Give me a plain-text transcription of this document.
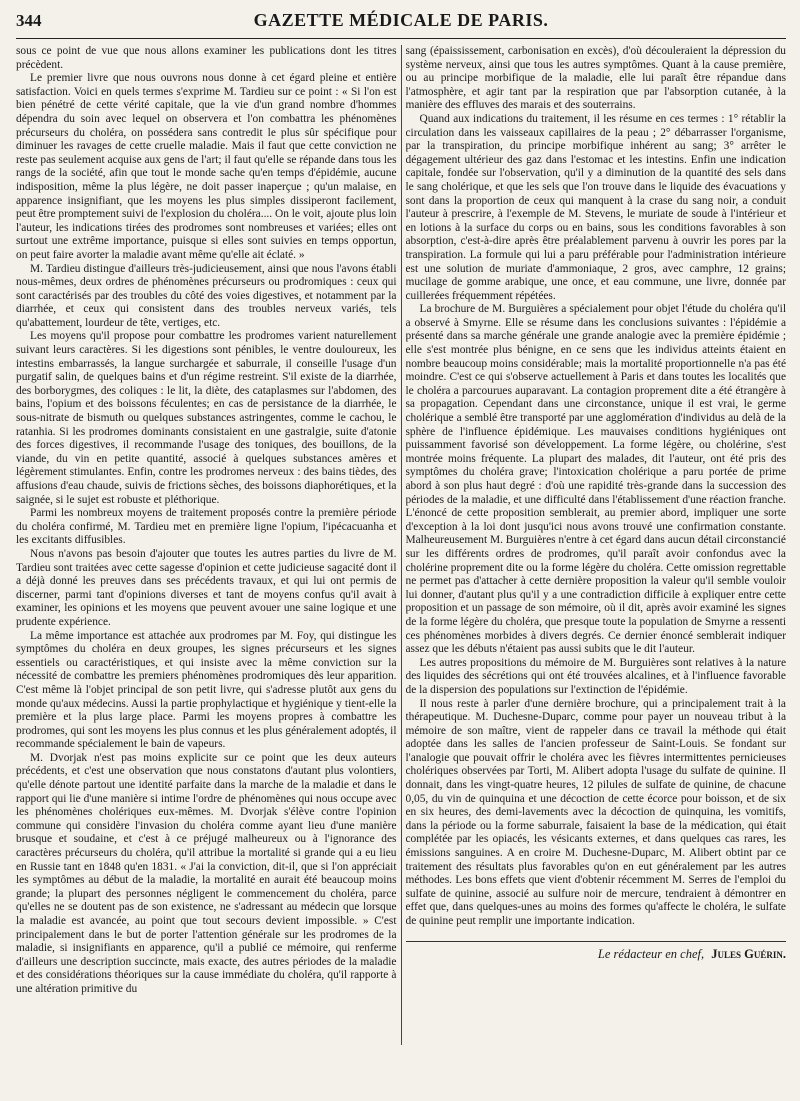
344	GAZETTE MÉDICALE DE PARIS.

sous ce point de vue que nous allons examiner les publications dont les titres précèdent.

Le premier livre que nous ouvrons nous donne à cet égard pleine et entière satisfaction. Voici en quels termes s'exprime M. Tardieu sur ce point : « Si l'on est bien pénétré de cette vérité capitale, que la vie d'un grand nombre d'hommes dépendra du soin avec lequel on observera et l'on combattra les phénomènes précurseurs du choléra, on possédera sans contredit le plus sûr spécifique pour diminuer les ravages de cette cruelle maladie. Mais il faut que cette conviction ne reste pas seulement acquise aux gens de l'art; il faut qu'elle se répande dans tous les rangs de la société, afin que tout le monde sache qu'en temps d'épidémie, aucune indisposition, même la plus légère, ne doit passer inaperçue ; qu'un malaise, en apparence insignifiant, que les moyens les plus simples dissiperont facilement, peut être promptement suivi de l'explosion du choléra.... On le voit, ajoute plus loin l'auteur, les indications tirées des prodromes sont nombreuses et variées; elles ont surtout une extrême importance, puisque si elles sont suivies en temps opportun, on peut faire avorter la maladie avant même qu'elle ait éclaté. »

M. Tardieu distingue d'ailleurs très-judicieusement, ainsi que nous l'avons établi nous-mêmes, deux ordres de phénomènes précurseurs ou prodromiques : ceux qui sont caractérisés par des troubles du côté des voies digestives, et notamment par la diarrhée, et ceux qui consistent dans des troubles nerveux variés, tels qu'abattement, lourdeur de tête, vertiges, etc.

Les moyens qu'il propose pour combattre les prodromes varient naturellement suivant leurs caractères. Si les digestions sont pénibles, le ventre douloureux, les intestins embarrassés, la langue surchargée et saburrale, il conseille l'usage d'un purgatif salin, de quelques bains et d'un régime restreint. S'il existe de la diarrhée, des borborygmes, des coliques : le lit, la diète, des cataplasmes sur l'abdomen, des bains, l'opium et des boissons féculentes; en cas de persistance de la diarrhée, le sous-nitrate de bismuth ou quelques substances astringentes, comme le cachou, le ratanhia. Si les prodromes dominants consistaient en une gastralgie, suite d'atonie des forces digestives, il recommande l'usage des toniques, des bouillons, de la viande, du vin en petite quantité, associé à quelques substances amères et légèrement stimulantes. Enfin, contre les prodromes nerveux : des bains tièdes, des affusions d'eau chaude, suivis de frictions sèches, des boissons diaphorétiques, et la saignée, si le sujet est robuste et pléthorique.

Parmi les nombreux moyens de traitement proposés contre la première période du choléra confirmé, M. Tardieu met en première ligne l'opium, l'ipécacuanha et les excitants diffusibles.

Nous n'avons pas besoin d'ajouter que toutes les autres parties du livre de M. Tardieu sont traitées avec cette sagesse d'opinion et cette judicieuse sagacité dont il a déjà donné les preuves dans ses précédents travaux, et qui lui ont permis de discerner, parmi tant d'opinions diverses et tant de moyens confus qu'il avait à examiner, les opinions et les moyens que peuvent avouer une saine logique et une prudente expérience.

La même importance est attachée aux prodromes par M. Foy, qui distingue les symptômes du choléra en deux groupes, les signes précurseurs et les signes essentiels ou caractéristiques, et qui insiste avec la même conviction sur la nécessité de combattre les premiers phénomènes prodromiques dès leur apparition. C'est même là l'objet principal de son petit livre, qui s'adresse plutôt aux gens du monde qu'aux médecins. Aussi la partie prophylactique et hygiénique y tient-elle la première et la plus large place. Parmi les moyens propres à combattre les prodromes, qui sont les moyens les plus connus et les plus généralement adoptés, il recommande spécialement le bain de vapeurs.

M. Dvorjak n'est pas moins explicite sur ce point que les deux auteurs précédents, et c'est une observation que nous constatons d'autant plus volontiers, qu'elle dénote partout une identité parfaite dans la marche de la maladie et dans le rapport qui lie d'une manière si intime l'ordre de phénomènes qui nous occupe avec les phénomènes cholériques eux-mêmes. M. Dvorjak s'élève contre l'opinion commune qui considère l'invasion du choléra comme ayant lieu d'une manière brusque et soudaine, et c'est à ce préjugé malheureux ou à l'ignorance des caractères précurseurs du choléra, qu'il attribue la mortalité si grande qui a eu lieu en Russie tant en 1848 qu'en 1831. « J'ai la conviction, dit-il, que si l'on appréciait les symptômes au début de la maladie, la mortalité en aurait été beaucoup moins grande; la plupart des personnes négligent le commencement du choléra, parce qu'elles ne se doutent pas de son existence, ne s'adressant au médecin que lorsque la maladie est avancée, au point que tout secours devient impossible. » C'est principalement dans le but de porter l'attention générale sur les prodromes de la maladie, si insignifiants en apparence, qu'il a publié ce mémoire, qui renferme d'ailleurs une description succincte, mais exacte, des autres périodes de la maladie et des considérations théoriques sur la cause immédiate du choléra, qu'il rapporte à une altération primitive du

sang (épaississement, carbonisation en excès), d'où découleraient la dépression du système nerveux, ainsi que tous les autres symptômes. Quant à la cause première, ou au principe morbifique de la maladie, elle lui paraît être répandue dans l'atmosphère, et agir tant par la respiration que par l'absorption cutanée, à la manière des effluves des marais et des souterrains.

Quand aux indications du traitement, il les résume en ces termes : 1° rétablir la circulation dans les vaisseaux capillaires de la peau ; 2° débarrasser l'organisme, par la transpiration, du principe morbifique inhérent au sang; 3° arrêter le dégagement ultérieur des gaz dans l'estomac et les intestins. Enfin une indication capitale, fondée sur l'observation, qu'il y a diminution de la quantité des sels dans le sang cholérique, et que les sels que l'on trouve dans le liquide des évacuations y sont dans la proportion de ceux qui manquent à la crase du sang noir, a conduit l'auteur à prescrire, à l'exemple de M. Stevens, le muriate de soude à l'intérieur et en lotions à la surface du corps ou en bains, sous les conditions favorables à son absorption, c'est-à-dire après être préalablement parvenu à ouvrir les pores par la transpiration. La formule qui lui a paru préférable pour l'administration intérieure est une solution de muriate d'ammoniaque, 2 gros, avec camphre, 12 grains; mucilage de gomme arabique, une once, et eau commune, une livre, donnée par cuillerées fréquemment répétées.

La brochure de M. Burguières a spécialement pour objet l'étude du choléra qu'il a observé à Smyrne. Elle se résume dans les conclusions suivantes : l'épidémie a présenté dans sa marche générale une grande analogie avec la première épidémie ; elle s'est montrée plus bénigne, en ce sens que les individus atteints étaient en nombre beaucoup moins considérable; mais la mortalité proportionnelle n'a pas été moindre. C'est ce qui s'observe actuellement à Paris et dans toutes les localités que le choléra a parcourues auparavant. La contagion proprement dite a été étrangère à sa propagation. Cependant dans une circonstance, unique il est vrai, le germe cholérique a semblé être transporté par une agglomération d'individus au delà de la sphère de l'influence épidémique. Les mauvaises conditions hygiéniques ont puissamment favorisé son développement. La forme légère, ou cholérine, s'est montrée moins fréquente. La plupart des malades, dit l'auteur, ont été pris des symptômes du choléra grave; l'intoxication cholérique a paru portée de prime abord à son plus haut degré : d'où une rapidité très-grande dans la succession des périodes de la maladie, et une difficulté dans l'établissement d'une réaction franche. L'énoncé de cette proposition semblerait, au premier abord, impliquer une sorte d'exception à la loi dont jusqu'ici nous avons trouvé une confirmation constante. Malheureusement M. Burguières n'entre à cet égard dans aucun détail circonstancié sur les différents ordres de prodromes, qu'il paraît avoir confondus avec la cholérine proprement dite ou la forme légère du choléra. Cette omission regrettable ne permet pas d'attacher à cette dernière proposition la valeur qu'il semble vouloir lui donner, d'autant plus qu'il y a une contradiction difficile à expliquer entre cette proposition et un passage de son mémoire, où il dit, après avoir examiné les signes de la forme légère du choléra, que presque toute la population de Smyrne a ressenti ces phénomènes morbides à divers degrés. Ce dernier énoncé semblerait indiquer assez que les débuts n'étaient pas aussi subits que le dit l'auteur.

Les autres propositions du mémoire de M. Burguières sont relatives à la nature des liquides des sécrétions qui ont été trouvées alcalines, et à l'influence favorable de la dispersion des populations sur l'extinction de l'épidémie.

Il nous reste à parler d'une dernière brochure, qui a principalement trait à la thérapeutique. M. Duchesne-Duparc, comme pour payer un nouveau tribut à la mémoire de son maître, vient de rappeler dans ce travail la méthode qui était adoptée dans les salles de l'ancien professeur de Saint-Louis. Se fondant sur l'analogie que pouvait offrir le choléra avec les fièvres intermittentes pernicieuses cholériques observées par Torti, M. Alibert adopta l'usage du sulfate de quinine. Il donnait, dans les vingt-quatre heures, 12 pilules de sulfate de quinine, de chacune 0,05, du vin de quinquina et une décoction de cette écorce pour boisson, et de six en six heures, des demi-lavements avec la décoction de quinquina, les vomitifs, dans la période ou la forme saburrale, faisaient la base de la médication, qui était complétée par les opiacés, les vésicants externes, et dans quelques cas rares, les émissions sanguines. A en croire M. Duchesne-Duparc, M. Alibert obtint par ce traitement des résultats plus favorables qu'on en eut généralement par les autres méthodes. Les bons effets que vient d'obtenir récemment M. Serres de l'emploi du sulfate de quinine, associé au sulfure noir de mercure, tendraient à démontrer en effet que, dans quelques-unes au moins des formes qu'affecte le choléra, le sulfate de quinine peut remplir une importante indication.

Le rédacteur en chef, Jules Guérin.
